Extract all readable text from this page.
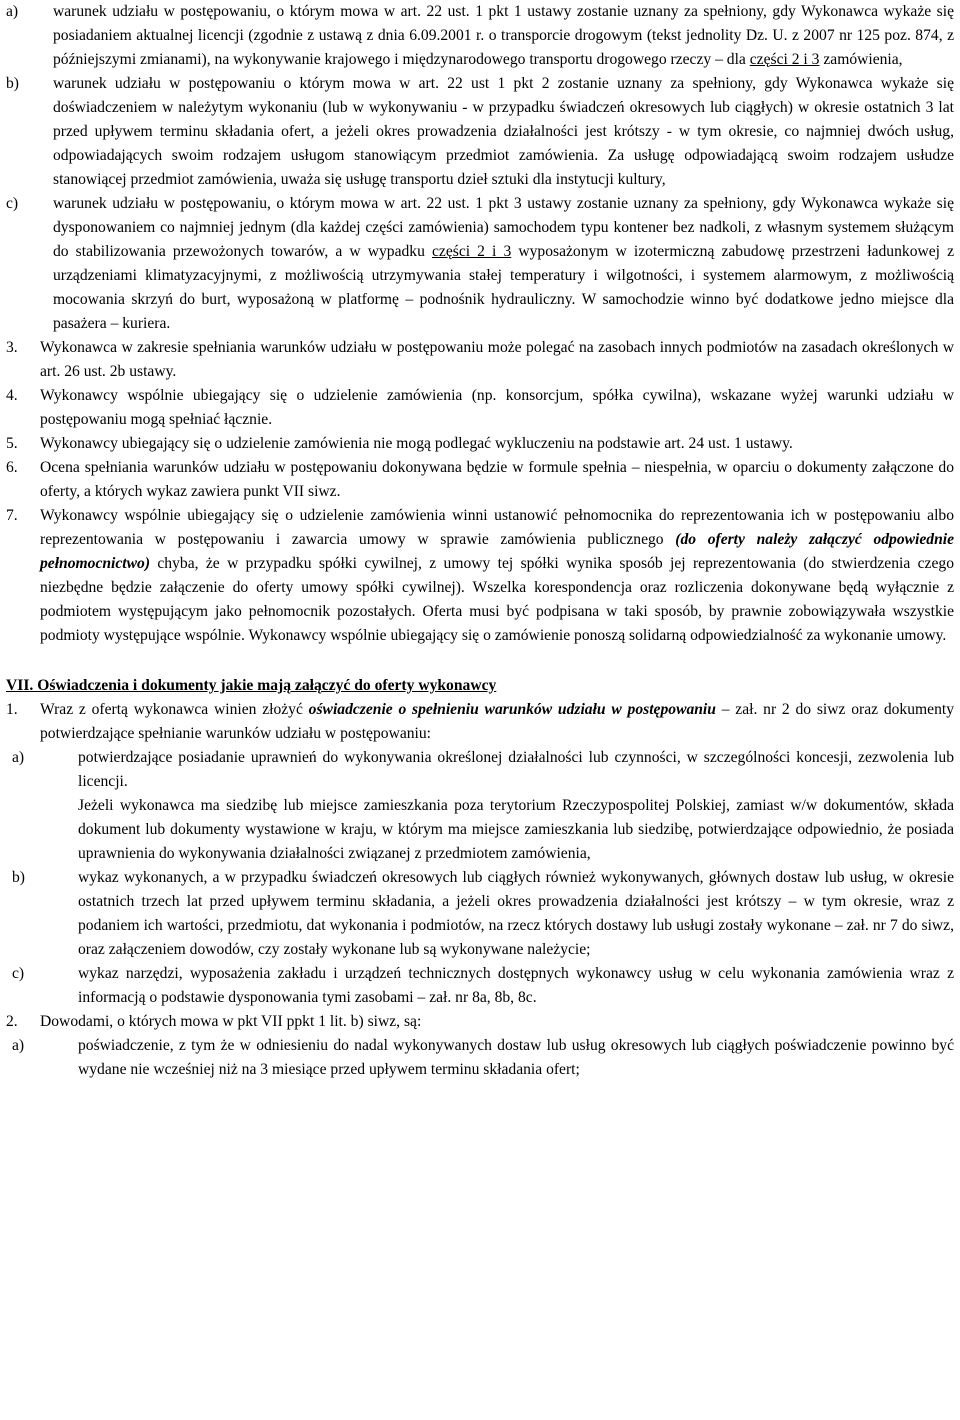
a)	warunek udziału w postępowaniu, o którym mowa w art. 22 ust. 1 pkt 1 ustawy zostanie uznany za spełniony, gdy Wykonawca wykaże się posiadaniem aktualnej licencji (zgodnie z ustawą z dnia 6.09.2001 r. o transporcie drogowym (tekst jednolity Dz. U. z 2007 nr 125 poz. 874, z późniejszymi zmianami), na wykonywanie krajowego i międzynarodowego transportu drogowego rzeczy – dla części 2 i 3 zamówienia,
b)	warunek udziału w postępowaniu o którym mowa w art. 22 ust 1 pkt 2 zostanie uznany za spełniony, gdy Wykonawca wykaże się doświadczeniem w należytym wykonaniu (lub w wykonywaniu - w przypadku świadczeń okresowych lub ciągłych) w okresie ostatnich 3 lat przed upływem terminu składania ofert, a jeżeli okres prowadzenia działalności jest krótszy - w tym okresie, co najmniej dwóch usług, odpowiadających swoim rodzajem usługom stanowiącym przedmiot zamówienia. Za usługę odpowiadającą swoim rodzajem usłudze stanowiącej przedmiot zamówienia, uważa się usługę transportu dzieł sztuki dla instytucji kultury,
c)	warunek udziału w postępowaniu, o którym mowa w art. 22 ust. 1 pkt 3 ustawy zostanie uznany za spełniony, gdy Wykonawca wykaże się dysponowaniem co najmniej jednym (dla każdej części zamówienia) samochodem typu kontener bez nadkoli, z własnym systemem służącym do stabilizowania przewożonych towarów, a w wypadku części 2 i 3 wyposażonym w izotermiczną zabudowę przestrzeni ładunkowej z urządzeniami klimatyzacyjnymi, z możliwością utrzymywania stałej temperatury i wilgotności, i systemem alarmowym, z możliwością mocowania skrzyń do burt, wyposażoną w platformę – podnośnik hydrauliczny. W samochodzie winno być dodatkowe jedno miejsce dla pasażera – kuriera.
3.	Wykonawca w zakresie spełniania warunków udziału w postępowaniu może polegać na zasobach innych podmiotów na zasadach określonych w art. 26 ust. 2b ustawy.
4.	Wykonawcy wspólnie ubiegający się o udzielenie zamówienia (np. konsorcjum, spółka cywilna), wskazane wyżej warunki udziału w postępowaniu mogą spełniać łącznie.
5.	Wykonawcy ubiegający się o udzielenie zamówienia nie mogą podlegać wykluczeniu na podstawie art. 24 ust. 1 ustawy.
6.	Ocena spełniania warunków udziału w postępowaniu dokonywana będzie w formule spełnia – niespełnia, w oparciu o dokumenty załączone do oferty, a których wykaz zawiera punkt VII siwz.
7.	Wykonawcy wspólnie ubiegający się o udzielenie zamówienia winni ustanowić pełnomocnika do reprezentowania ich w postępowaniu albo reprezentowania w postępowaniu i zawarcia umowy w sprawie zamówienia publicznego (do oferty należy załączyć odpowiednie pełnomocnictwo) chyba, że w przypadku spółki cywilnej, z umowy tej spółki wynika sposób jej reprezentowania (do stwierdzenia czego niezbędne będzie załączenie do oferty umowy spółki cywilnej). Wszelka korespondencja oraz rozliczenia dokonywane będą wyłącznie z podmiotem występującym jako pełnomocnik pozostałych. Oferta musi być podpisana w taki sposób, by prawnie zobowiązywała wszystkie podmioty występujące wspólnie. Wykonawcy wspólnie ubiegający się o zamówienie ponoszą solidarną odpowiedzialność za wykonanie umowy.
VII. Oświadczenia i dokumenty jakie mają załączyć do oferty wykonawcy
1.	Wraz z ofertą wykonawca winien złożyć oświadczenie o spełnieniu warunków udziału w postępowaniu – zał. nr 2 do siwz oraz dokumenty potwierdzające spełnianie warunków udziału w postępowaniu:
a)	potwierdzające posiadanie uprawnień do wykonywania określonej działalności lub czynności, w szczególności koncesji, zezwolenia lub licencji.
Jeżeli wykonawca ma siedzibę lub miejsce zamieszkania poza terytorium Rzeczypospolitej Polskiej, zamiast w/w dokumentów, składa dokument lub dokumenty wystawione w kraju, w którym ma miejsce zamieszkania lub siedzibę, potwierdzające odpowiednio, że posiada uprawnienia do wykonywania działalności związanej z przedmiotem zamówienia,
b)	wykaz wykonanych, a w przypadku świadczeń okresowych lub ciągłych również wykonywanych, głównych dostaw lub usług, w okresie ostatnich trzech lat przed upływem terminu składania, a jeżeli okres prowadzenia działalności jest krótszy – w tym okresie, wraz z podaniem ich wartości, przedmiotu, dat wykonania i podmiotów, na rzecz których dostawy lub usługi zostały wykonane – zał. nr 7 do siwz, oraz załączeniem dowodów, czy zostały wykonane lub są wykonywane należycie;
c)	wykaz narzędzi, wyposażenia zakładu i urządzeń technicznych dostępnych wykonawcy usług w celu wykonania zamówienia wraz z informacją o podstawie dysponowania tymi zasobami – zał. nr 8a, 8b, 8c.
2.	Dowodami, o których mowa w pkt VII ppkt 1 lit. b) siwz, są:
a)	poświadczenie, z tym że w odniesieniu do nadal wykonywanych dostaw lub usług okresowych lub ciągłych poświadczenie powinno być wydane nie wcześniej niż na 3 miesiące przed upływem terminu składania ofert;
